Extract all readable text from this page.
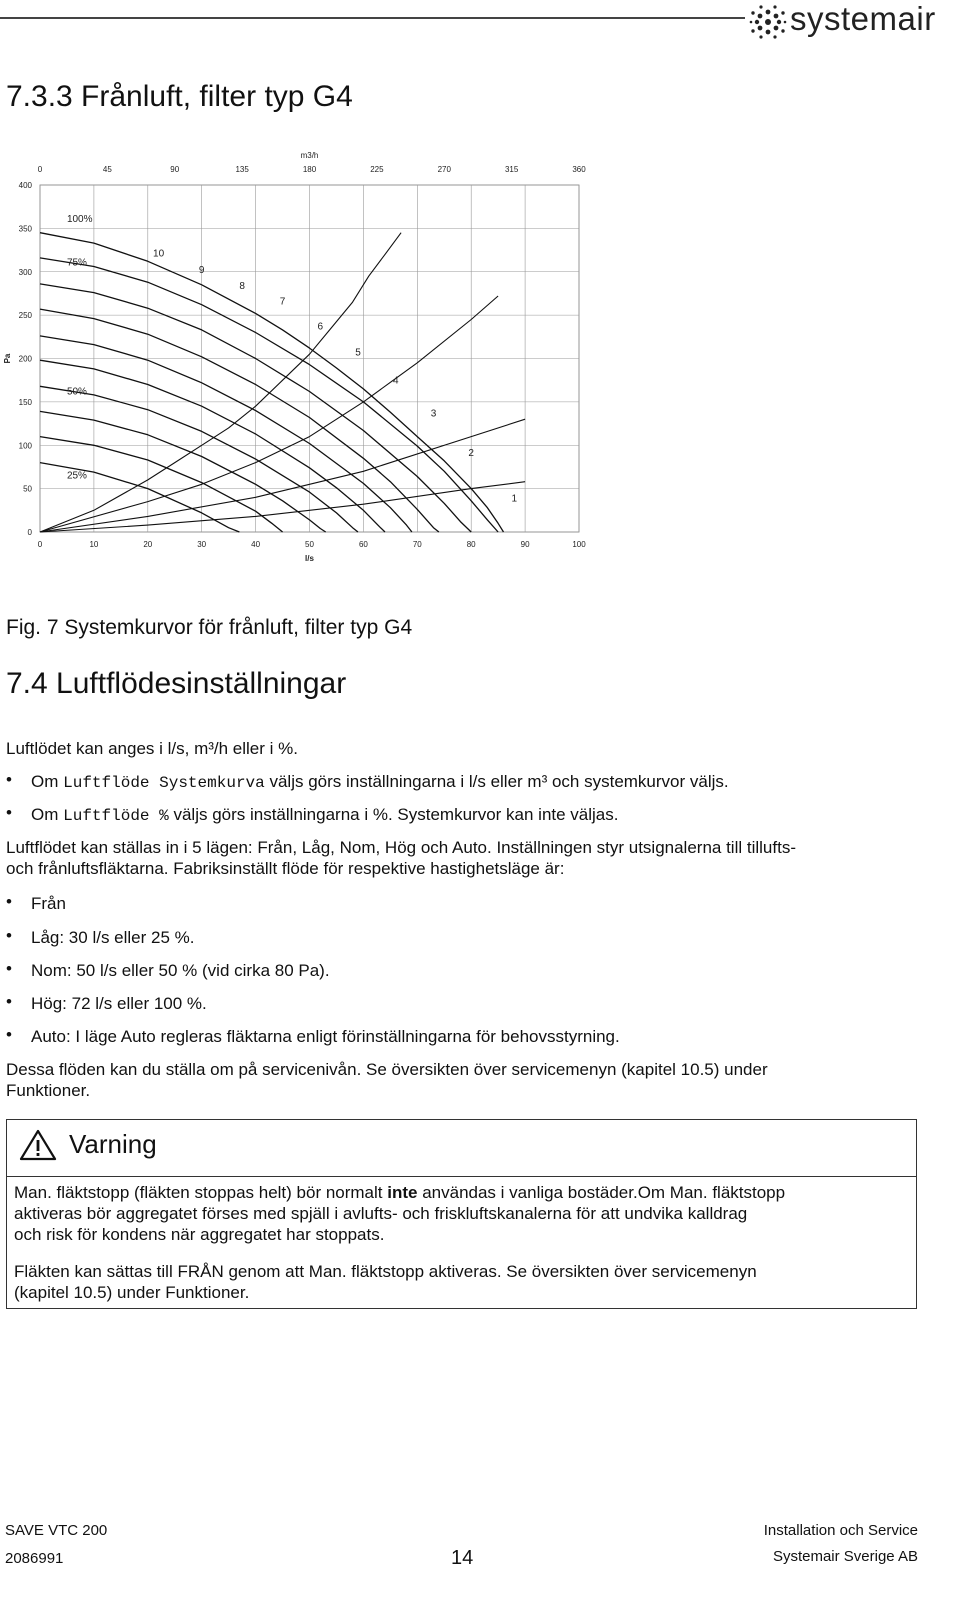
systemair
7.3.3 Frånluft, filter typ G4
0
50
100
150
200
250
300
350
400
0	10	20	30	40	50	60	70	80	90	100
0	45	90	135	180	225	270	315	360
m3/h
l/s
Pa
10
9
8
7
6
5
4
3
2
1
100%
75%
50%
25%
Fig. 7 Systemkurvor för frånluft, filter typ G4
7.4 Luftflödesinställningar
Luftlödet kan anges i l/s, m³/h eller i %.
• Om Luftflöde Systemkurva väljs görs inställningarna i l/s eller m³ och systemkurvor väljs.
• Om Luftflöde % väljs görs inställningarna i %. Systemkurvor kan inte väljas.
Luftflödet kan ställas in i 5 lägen: Från, Låg, Nom, Hög och Auto. Inställningen styr utsignalerna till tillufts-
och frånluftsfläktarna. Fabriksinställt flöde för respektive hastighetsläge är:
• Från
• Låg: 30 l/s eller 25 %.
• Nom: 50 l/s eller 50 % (vid cirka 80 Pa).
• Hög: 72 l/s eller 100 %.
• Auto: I läge Auto regleras fläktarna enligt förinställningarna för behovsstyrning.
Dessa flöden kan du ställa om på servicenivån. Se översikten över servicemenyn (kapitel 10.5) under
Funktioner.
Varning
Man. fläktstopp (fläkten stoppas helt) bör normalt inte användas i vanliga bostäder.Om Man. fläktstopp
aktiveras bör aggregatet förses med spjäll i avlufts- och friskluftskanalerna för att undvika kalldrag
och risk för kondens när aggregatet har stoppats.
Fläkten kan sättas till FRÅN genom att Man. fläktstopp aktiveras. Se översikten över servicemenyn
(kapitel 10.5) under Funktioner.
SAVE VTC 200
2086991	14
Installation och Service
Systemair Sverige AB
